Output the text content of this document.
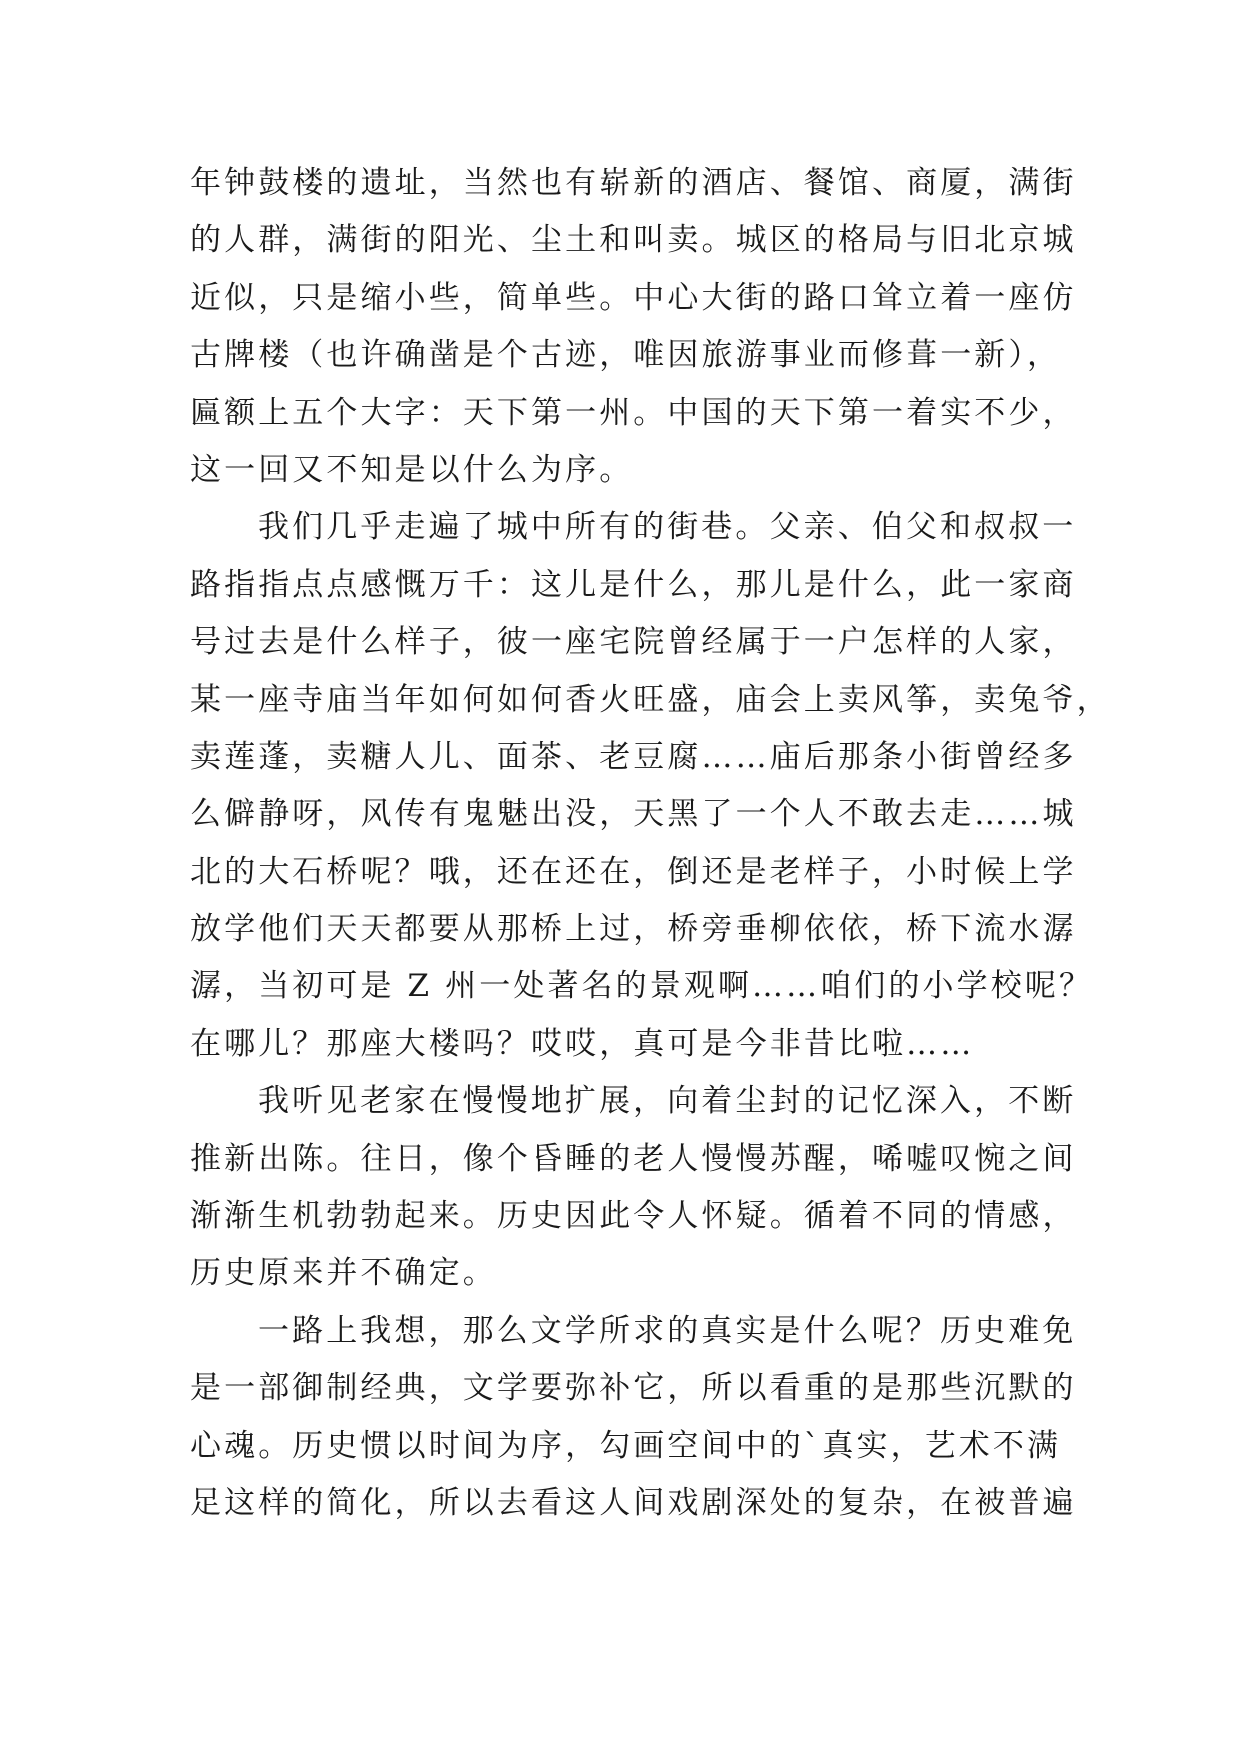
年钟鼓楼的遗址，当然也有崭新的酒店、餐馆、商厦，满街
的人群，满街的阳光、尘土和叫卖。城区的格局与旧北京城
近似，只是缩小些，简单些。中心大街的路口耸立着一座仿
古牌楼（也许确凿是个古迹，唯因旅游事业而修葺一新），
匾额上五个大字：天下第一州。中国的天下第一着实不少，
这一回又不知是以什么为序。
我们几乎走遍了城中所有的街巷。父亲、伯父和叔叔一
路指指点点感慨万千：这儿是什么，那儿是什么，此一家商
号过去是什么样子，彼一座宅院曾经属于一户怎样的人家，
某一座寺庙当年如何如何香火旺盛，庙会上卖风筝，卖兔爷，
卖莲蓬，卖糖人儿、面茶、老豆腐……庙后那条小街曾经多
么僻静呀，风传有鬼魅出没，天黑了一个人不敢去走……城
北的大石桥呢？哦，还在还在，倒还是老样子，小时候上学
放学他们天天都要从那桥上过，桥旁垂柳依依，桥下流水潺
潺，当初可是 Z 州一处著名的景观啊……咱们的小学校呢？
在哪儿？那座大楼吗？哎哎，真可是今非昔比啦……
我听见老家在慢慢地扩展，向着尘封的记忆深入，不断
推新出陈。往日，像个昏睡的老人慢慢苏醒，唏嘘叹惋之间
渐渐生机勃勃起来。历史因此令人怀疑。循着不同的情感，
历史原来并不确定。
一路上我想，那么文学所求的真实是什么呢？历史难免
是一部御制经典，文学要弥补它，所以看重的是那些沉默的
心魂。历史惯以时间为序，勾画空间中的`真实，艺术不满
足这样的简化，所以去看这人间戏剧深处的复杂，在被普遍
